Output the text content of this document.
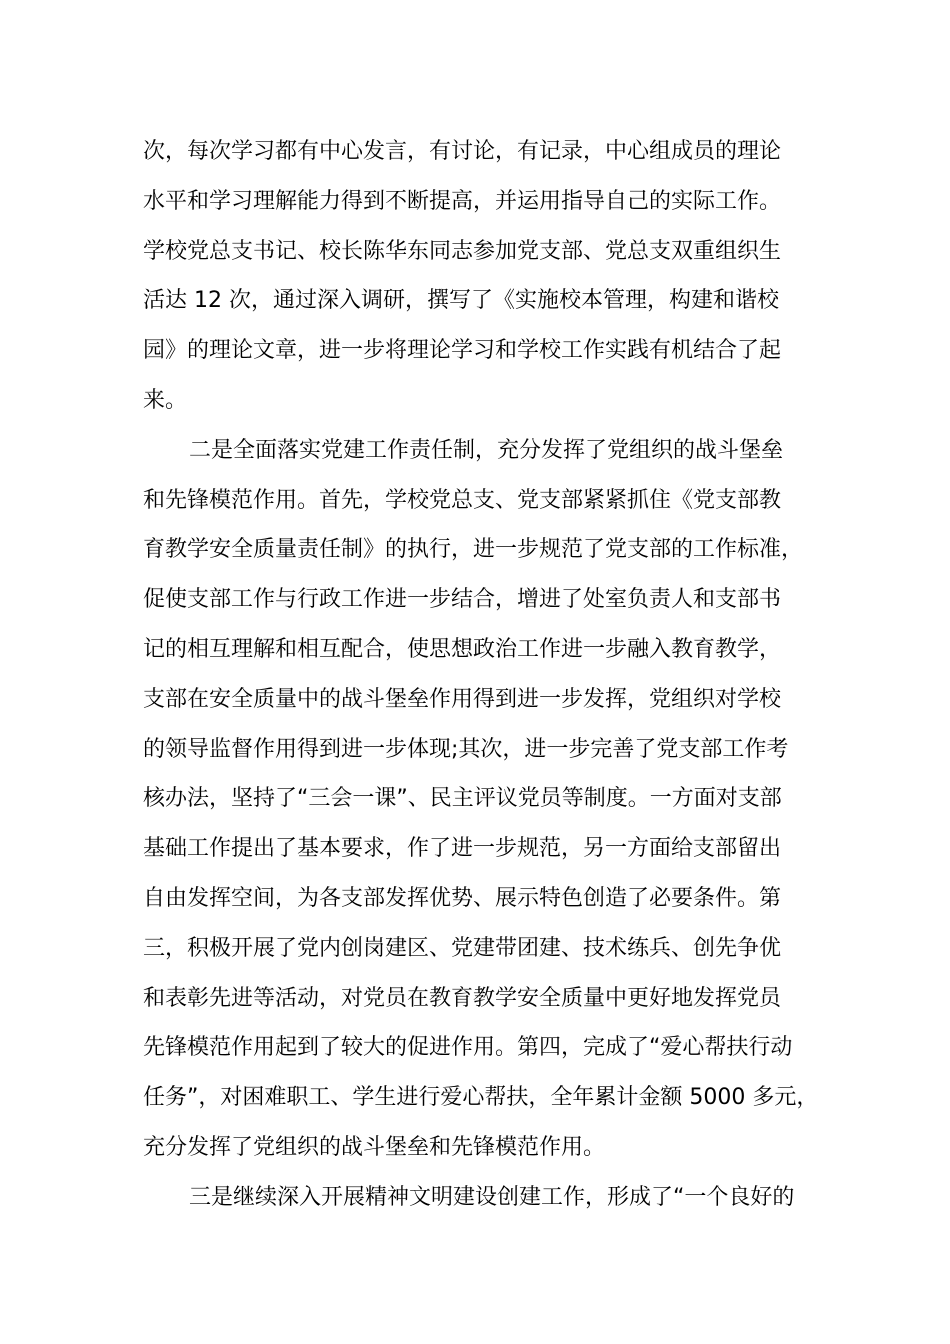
次，每次学习都有中心发言，有讨论，有记录，中心组成员的理论
水平和学习理解能力得到不断提高，并运用指导自己的实际工作。
学校党总支书记、校长陈华东同志参加党支部、党总支双重组织生
活达 12 次，通过深入调研，撰写了《实施校本管理，构建和谐校
园》的理论文章，进一步将理论学习和学校工作实践有机结合了起
来。
二是全面落实党建工作责任制，充分发挥了党组织的战斗堡垒
和先锋模范作用。首先，学校党总支、党支部紧紧抓住《党支部教
育教学安全质量责任制》的执行，进一步规范了党支部的工作标准，
促使支部工作与行政工作进一步结合，增进了处室负责人和支部书
记的相互理解和相互配合，使思想政治工作进一步融入教育教学，
支部在安全质量中的战斗堡垒作用得到进一步发挥，党组织对学校
的领导监督作用得到进一步体现;其次，进一步完善了党支部工作考
核办法，坚持了“三会一课”、民主评议党员等制度。一方面对支部
基础工作提出了基本要求，作了进一步规范，另一方面给支部留出
自由发挥空间，为各支部发挥优势、展示特色创造了必要条件。第
三，积极开展了党内创岗建区、党建带团建、技术练兵、创先争优
和表彰先进等活动，对党员在教育教学安全质量中更好地发挥党员
先锋模范作用起到了较大的促进作用。第四，完成了“爱心帮扶行动
任务”，对困难职工、学生进行爱心帮扶，全年累计金额 5000 多元，
充分发挥了党组织的战斗堡垒和先锋模范作用。
三是继续深入开展精神文明建设创建工作，形成了“一个良好的
